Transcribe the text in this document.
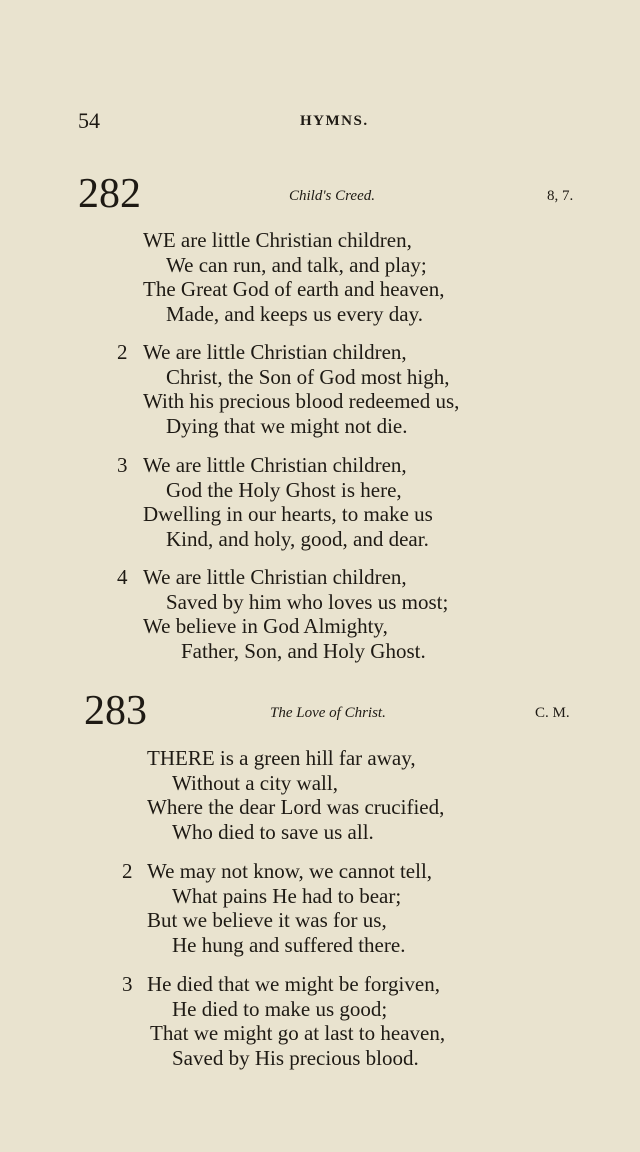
54	HYMNS.
282	Child's Creed.	8, 7.
WE are little Christian children,
We can run, and talk, and play;
The Great God of earth and heaven,
Made, and keeps us every day.
2 We are little Christian children,
Christ, the Son of God most high,
With his precious blood redeemed us,
Dying that we might not die.
3 We are little Christian children,
God the Holy Ghost is here,
Dwelling in our hearts, to make us
Kind, and holy, good, and dear.
4 We are little Christian children,
Saved by him who loves us most;
We believe in God Almighty,
Father, Son, and Holy Ghost.
283	The Love of Christ.	C. M.
THERE is a green hill far away,
Without a city wall,
Where the dear Lord was crucified,
Who died to save us all.
2 We may not know, we cannot tell,
What pains He had to bear;
But we believe it was for us,
He hung and suffered there.
3 He died that we might be forgiven,
He died to make us good;
That we might go at last to heaven,
Saved by His precious blood.
